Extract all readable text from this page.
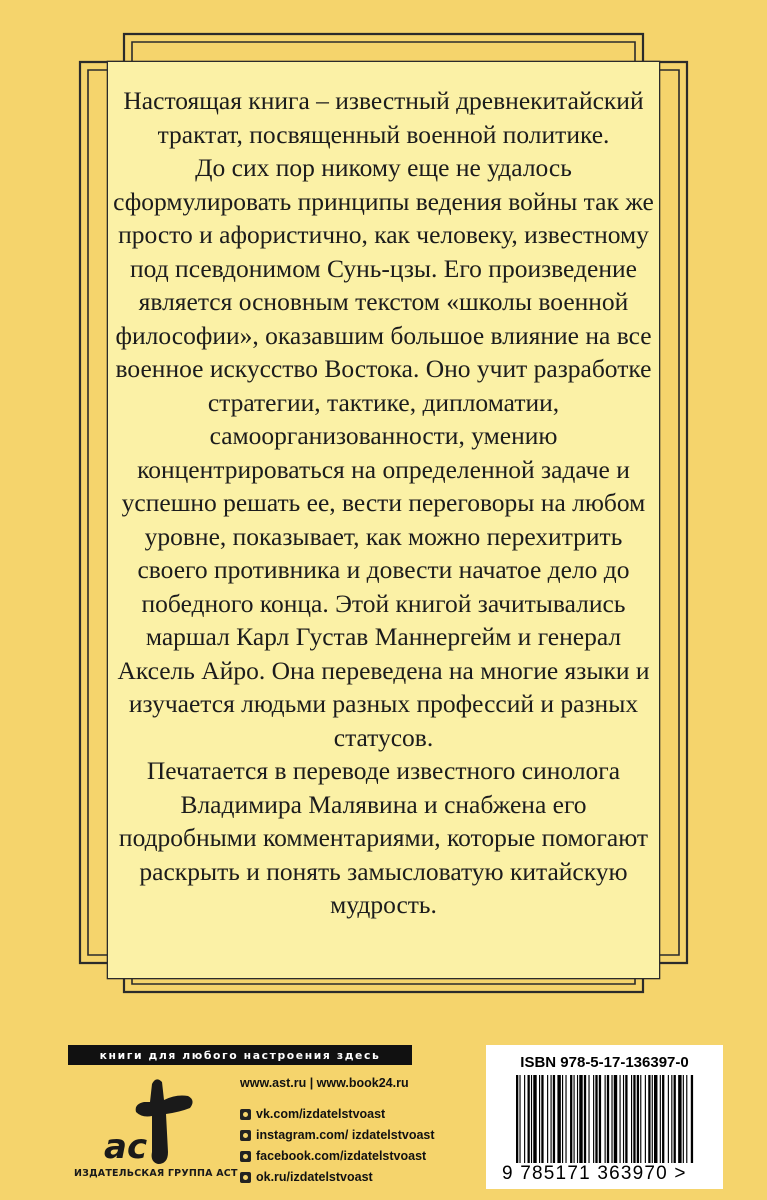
Настоящая книга – известный древнекитайский трактат, посвященный военной политике.

До сих пор никому еще не удалось сформулировать принципы ведения войны так же просто и афористично, как человеку, известному под псевдонимом Сунь-цзы. Его произведение является основным текстом «школы военной философии», оказавшим большое влияние на все военное искусство Востока. Оно учит разработке стратегии, тактике, дипломатии, самоорганизованности, умению концентрироваться на определенной задаче и успешно решать ее, вести переговоры на любом уровне, показывает, как можно перехитрить своего противника и довести начатое дело до победного конца. Этой книгой зачитывались маршал Карл Густав Маннергейм и генерал Аксель Айро. Она переведена на многие языки и изучается людьми разных профессий и разных статусов.

Печатается в переводе известного синолога Владимира Малявина и снабжена его подробными комментариями, которые помогают раскрыть и понять замысловатую китайскую мудрость.

книги для любого настроения здесь
ac
ИЗДАТЕЛЬСКАЯ ГРУППА АСТ
www.ast.ru | www.book24.ru
vk.com/izdatelstvoast
instagram.com/ izdatelstvoast
facebook.com/izdatelstvoast
ok.ru/izdatelstvoast
ISBN 978-5-17-136397-0
9 785171 363970 >
